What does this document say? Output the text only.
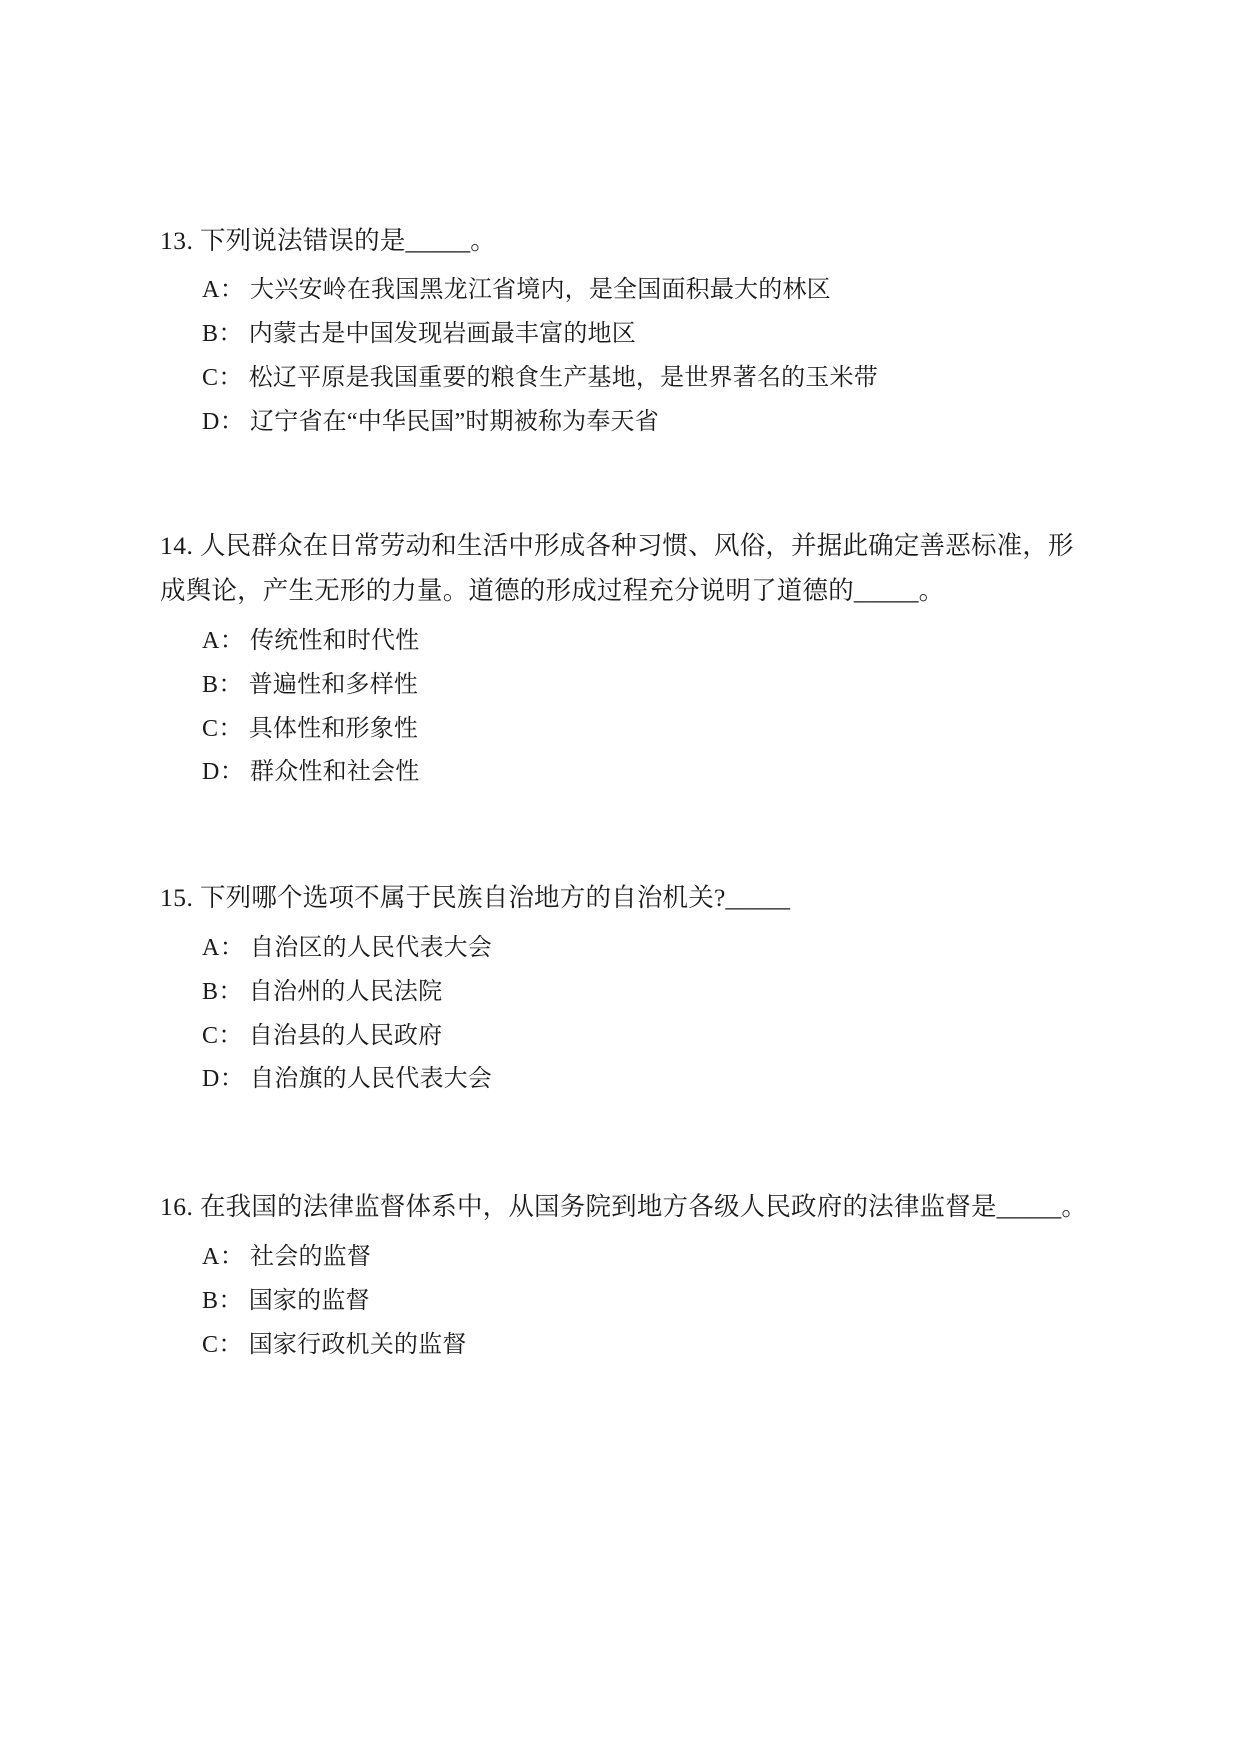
13. 下列说法错误的是_____。

A： 大兴安岭在我国黑龙江省境内，是全国面积最大的林区
B： 内蒙古是中国发现岩画最丰富的地区
C： 松辽平原是我国重要的粮食生产基地，是世界著名的玉米带
D： 辽宁省在“中华民国”时期被称为奉天省

14. 人民群众在日常劳动和生活中形成各种习惯、风俗，并据此确定善恶标准，形成舆论，产生无形的力量。道德的形成过程充分说明了道德的_____。

A： 传统性和时代性
B： 普遍性和多样性
C： 具体性和形象性
D： 群众性和社会性

15. 下列哪个选项不属于民族自治地方的自治机关?_____

A： 自治区的人民代表大会
B： 自治州的人民法院
C： 自治县的人民政府
D： 自治旗的人民代表大会

16. 在我国的法律监督体系中，从国务院到地方各级人民政府的法律监督是_____。

A： 社会的监督
B： 国家的监督
C： 国家行政机关的监督
